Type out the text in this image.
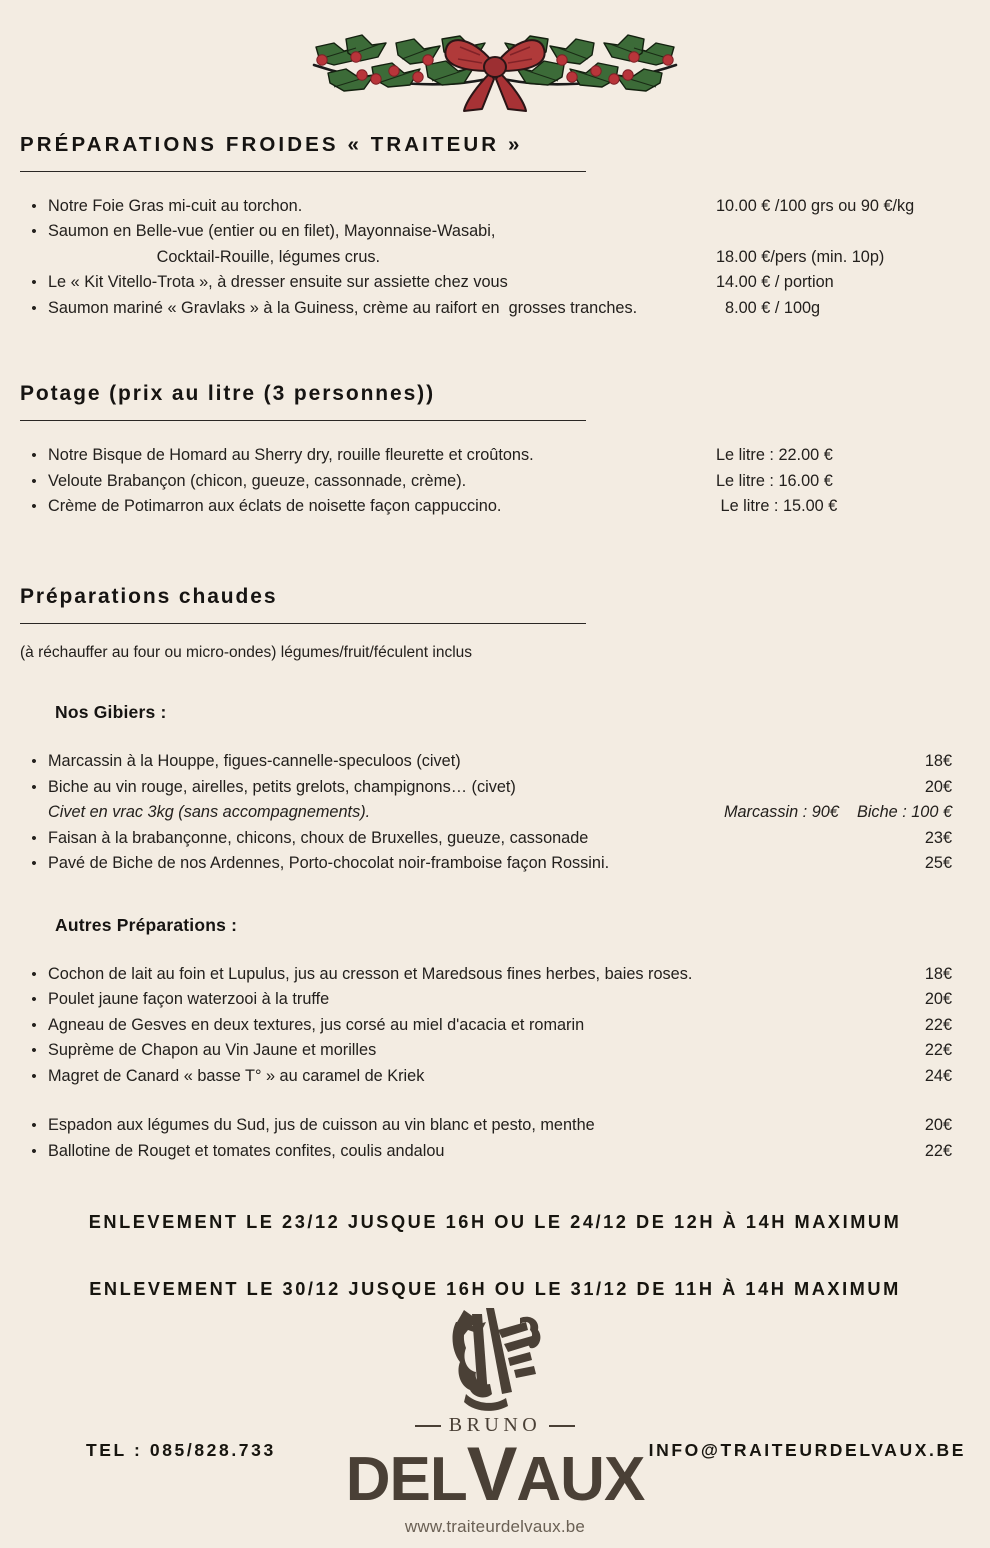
PRÉPARATIONS FROIDES « TRAITEUR »
• Notre Foie Gras mi-cuit au torchon.	10.00 € /100 grs ou 90 €/kg
• Saumon en Belle-vue (entier ou en filet), Mayonnaise-Wasabi,
Cocktail-Rouille, légumes crus.	18.00 €/pers (min. 10p)
• Le « Kit Vitello-Trota », à dresser ensuite sur assiette chez vous	14.00 € / portion
• Saumon mariné « Gravlaks » à la Guiness, crème au raifort en  grosses tranches.	8.00 € / 100g
Potage (prix au litre (3 personnes))
• Notre Bisque de Homard au Sherry dry, rouille fleurette et croûtons.	Le litre : 22.00 €
• Veloute Brabançon (chicon, gueuze, cassonnade, crème).	Le litre : 16.00 €
• Crème de Potimarron aux éclats de noisette façon cappuccino.	Le litre : 15.00 €
Préparations chaudes
(à réchauffer au four ou micro-ondes) légumes/fruit/féculent inclus
Nos Gibiers :
• Marcassin à la Houppe, figues-cannelle-speculoos (civet)	18€
• Biche au vin rouge, airelles, petits grelots, champignons… (civet)	20€
Civet en vrac 3kg (sans accompagnements).	Marcassin : 90€    Biche : 100 €
• Faisan à la brabançonne, chicons, choux de Bruxelles, gueuze, cassonade	23€
• Pavé de Biche de nos Ardennes, Porto-chocolat noir-framboise façon Rossini.	25€
Autres Préparations :
• Cochon de lait au foin et Lupulus, jus au cresson et Maredsous fines herbes, baies roses.	18€
• Poulet jaune façon waterzooi à la truffe	20€
• Agneau de Gesves en deux textures, jus corsé au miel d'acacia et romarin	22€
• Suprème de Chapon au Vin Jaune et morilles	22€
• Magret de Canard « basse T° » au caramel de Kriek	24€
• Espadon aux légumes du Sud, jus de cuisson au vin blanc et pesto, menthe	20€
• Ballotine de Rouget et tomates confites, coulis andalou	22€
ENLEVEMENT LE 23/12 JUSQUE 16H OU LE 24/12 DE 12H À 14H MAXIMUM
ENLEVEMENT LE 30/12 JUSQUE 16H OU LE 31/12 DE 11H À 14H MAXIMUM
BRUNO
DELVAUX
www.traiteurdelvaux.be
TEL : 085/828.733	INFO@TRAITEURDELVAUX.BE
